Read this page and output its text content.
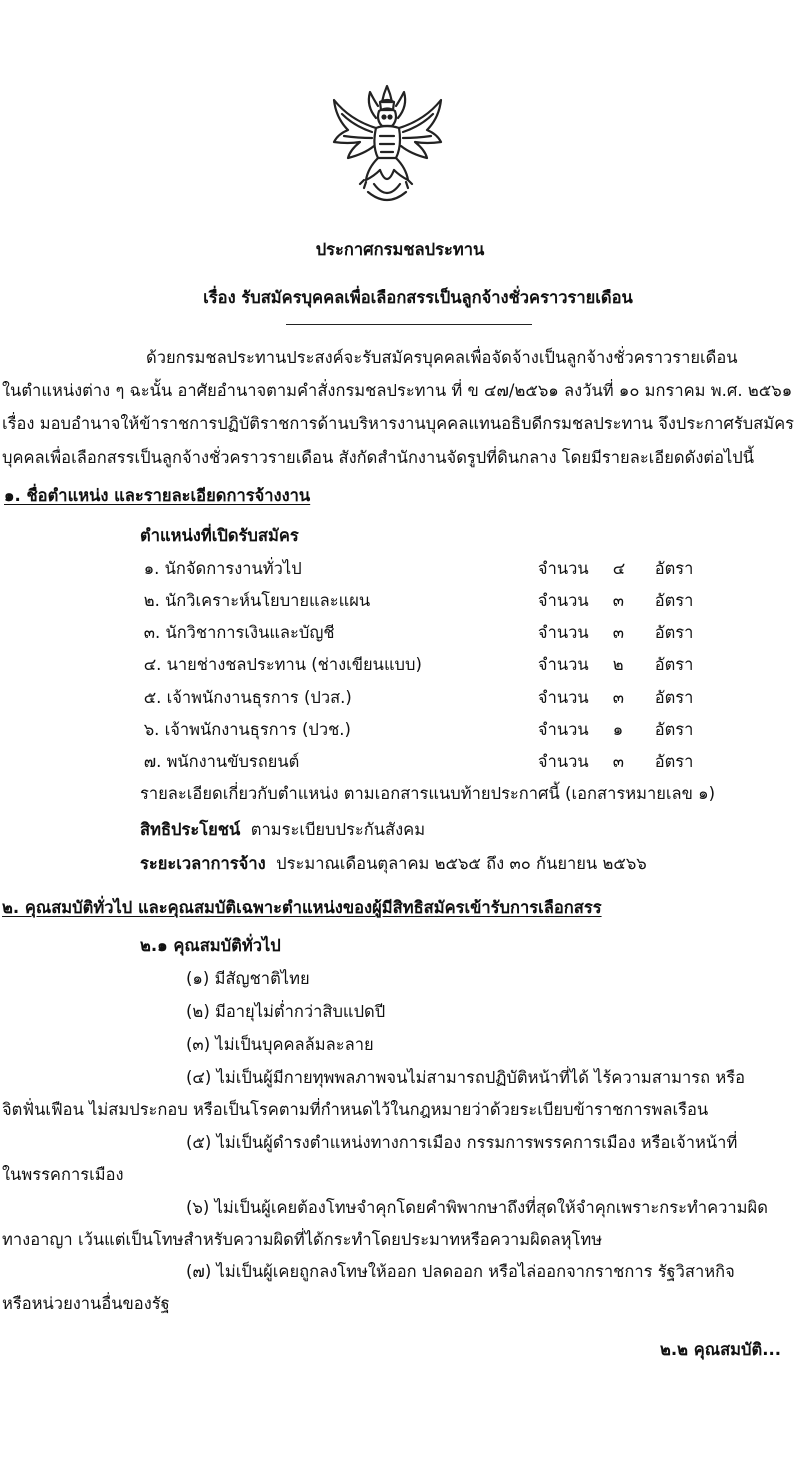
ประกาศกรมชลประทาน
เรื่อง รับสมัครบุคคลเพื่อเลือกสรรเป็นลูกจ้างชั่วคราวรายเดือน
ด้วยกรมชลประทานประสงค์จะรับสมัครบุคคลเพื่อจัดจ้างเป็นลูกจ้างชั่วคราวรายเดือน
ในตำแหน่งต่าง ๆ ฉะนั้น อาศัยอำนาจตามคำสั่งกรมชลประทาน ที่ ข ๔๗/๒๕๖๑ ลงวันที่ ๑๐ มกราคม พ.ศ. ๒๕๖๑
เรื่อง มอบอำนาจให้ข้าราชการปฏิบัติราชการด้านบริหารงานบุคคลแทนอธิบดีกรมชลประทาน จึงประกาศรับสมัคร
บุคคลเพื่อเลือกสรรเป็นลูกจ้างชั่วคราวรายเดือน สังกัดสำนักงานจัดรูปที่ดินกลาง โดยมีรายละเอียดดังต่อไปนี้
๑. ชื่อตำแหน่ง และรายละเอียดการจ้างงาน
ตำแหน่งที่เปิดรับสมัคร
๑. นักจัดการงานทั่วไป	จำนวน ๔ อัตรา
๒. นักวิเคราะห์นโยบายและแผน	จำนวน ๓ อัตรา
๓. นักวิชาการเงินและบัญชี	จำนวน ๓ อัตรา
๔. นายช่างชลประทาน (ช่างเขียนแบบ)	จำนวน ๒ อัตรา
๕. เจ้าพนักงานธุรการ (ปวส.)	จำนวน ๓ อัตรา
๖. เจ้าพนักงานธุรการ (ปวช.)	จำนวน ๑ อัตรา
๗. พนักงานขับรถยนต์	จำนวน ๓ อัตรา
รายละเอียดเกี่ยวกับตำแหน่ง ตามเอกสารแนบท้ายประกาศนี้ (เอกสารหมายเลข ๑)
สิทธิประโยชน์ ตามระเบียบประกันสังคม
ระยะเวลาการจ้าง ประมาณเดือนตุลาคม ๒๕๖๕ ถึง ๓๐ กันยายน ๒๕๖๖
๒. คุณสมบัติทั่วไป และคุณสมบัติเฉพาะตำแหน่งของผู้มีสิทธิสมัครเข้ารับการเลือกสรร
๒.๑ คุณสมบัติทั่วไป
(๑) มีสัญชาติไทย
(๒) มีอายุไม่ต่ำกว่าสิบแปดปี
(๓) ไม่เป็นบุคคลล้มละลาย
(๔) ไม่เป็นผู้มีกายทุพพลภาพจนไม่สามารถปฏิบัติหน้าที่ได้ ไร้ความสามารถ หรือ
จิตฟั่นเฟือน ไม่สมประกอบ หรือเป็นโรคตามที่กำหนดไว้ในกฎหมายว่าด้วยระเบียบข้าราชการพลเรือน
(๕) ไม่เป็นผู้ดำรงตำแหน่งทางการเมือง กรรมการพรรคการเมือง หรือเจ้าหน้าที่
ในพรรคการเมือง
(๖) ไม่เป็นผู้เคยต้องโทษจำคุกโดยคำพิพากษาถึงที่สุดให้จำคุกเพราะกระทำความผิด
ทางอาญา เว้นแต่เป็นโทษสำหรับความผิดที่ได้กระทำโดยประมาทหรือความผิดลหุโทษ
(๗) ไม่เป็นผู้เคยถูกลงโทษให้ออก ปลดออก หรือไล่ออกจากราชการ รัฐวิสาหกิจ
หรือหน่วยงานอื่นของรัฐ
๒.๒ คุณสมบัติ...
